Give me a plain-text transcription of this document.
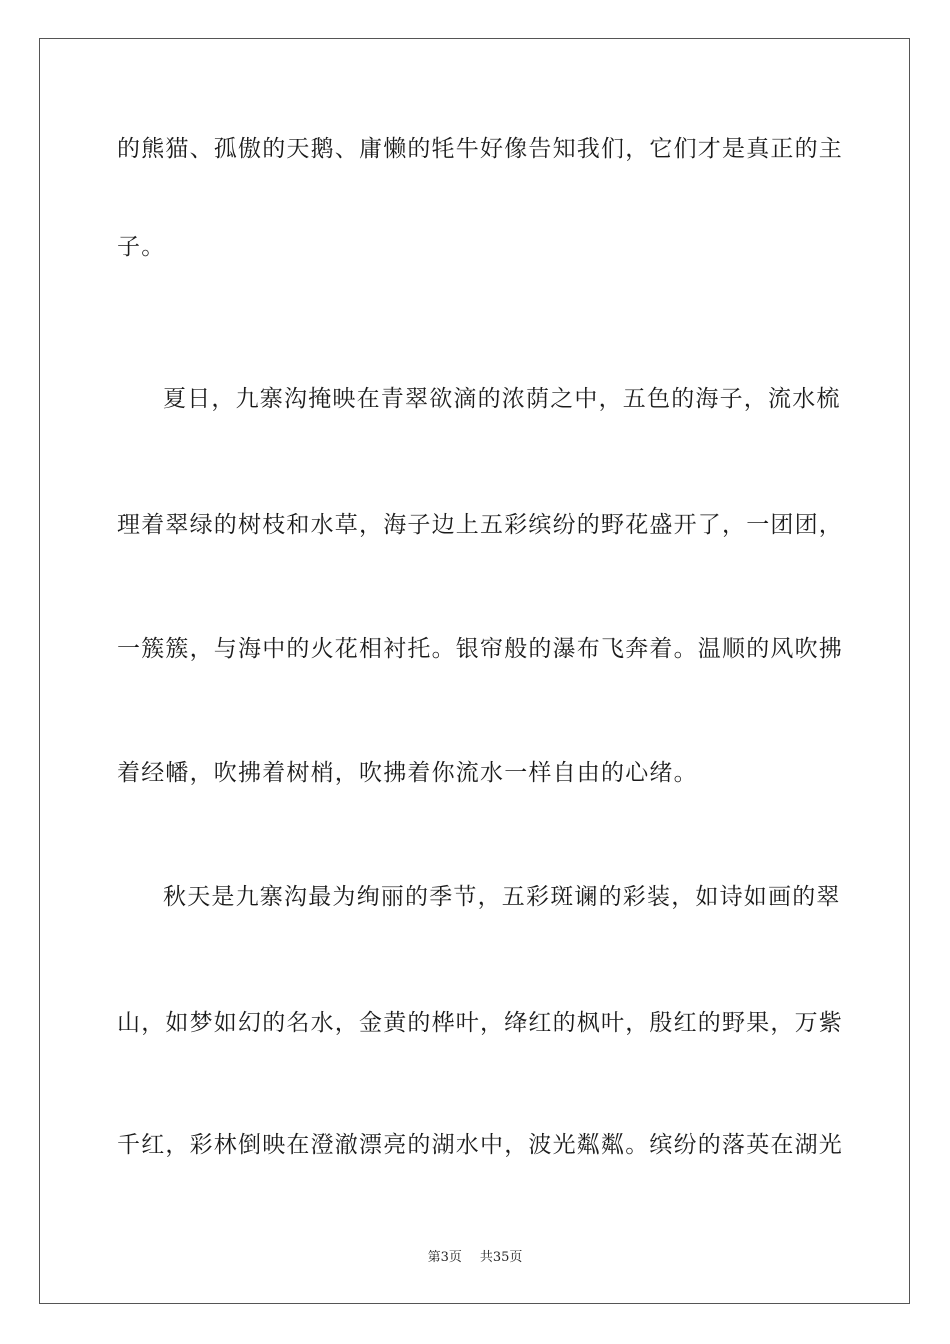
的熊猫、孤傲的天鹅、庸懒的牦牛好像告知我们，它们才是真正的主
子。
夏日，九寨沟掩映在青翠欲滴的浓荫之中，五色的海子，流水梳
理着翠绿的树枝和水草，海子边上五彩缤纷的野花盛开了，一团团，
一簇簇，与海中的火花相衬托。银帘般的瀑布飞奔着。温顺的风吹拂
着经幡，吹拂着树梢，吹拂着你流水一样自由的心绪。
秋天是九寨沟最为绚丽的季节，五彩斑谰的彩装，如诗如画的翠
山，如梦如幻的名水，金黄的桦叶，绛红的枫叶，殷红的野果，万紫
千红，彩林倒映在澄澈漂亮的湖水中，波光粼粼。缤纷的落英在湖光
第3页 共35页
